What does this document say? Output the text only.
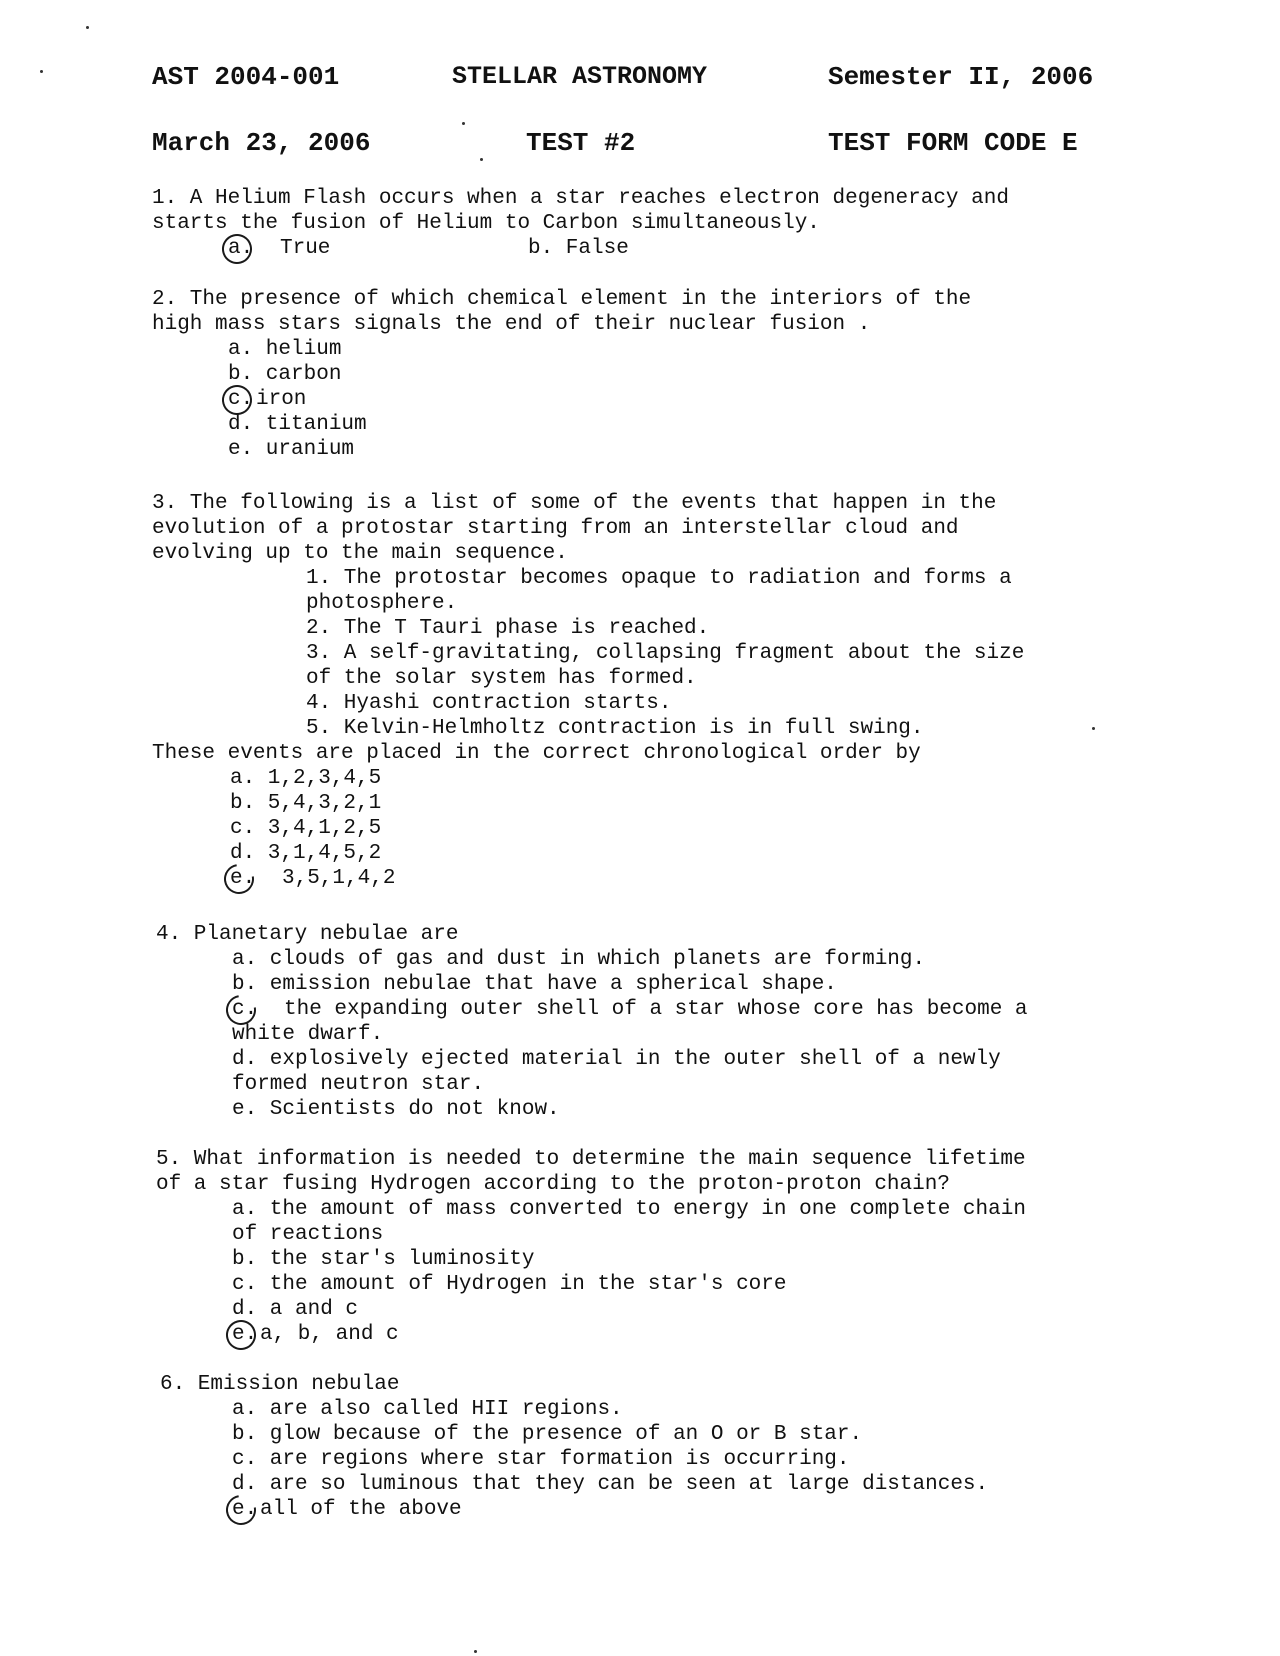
AST 2004-001	STELLAR ASTRONOMY	Semester II, 2006
March 23, 2006	TEST #2	TEST FORM CODE E
1. A Helium Flash occurs when a star reaches electron degeneracy and
starts the fusion of Helium to Carbon simultaneously.
a. True	b. False
2. The presence of which chemical element in the interiors of the
high mass stars signals the end of their nuclear fusion .
a. helium
b. carbon
c. iron
d. titanium
e. uranium
3. The following is a list of some of the events that happen in the
evolution of a protostar starting from an interstellar cloud and
evolving up to the main sequence.
1. The protostar becomes opaque to radiation and forms a
photosphere.
2. The T Tauri phase is reached.
3. A self-gravitating, collapsing fragment about the size
of the solar system has formed.
4. Hyashi contraction starts.
5. Kelvin-Helmholtz contraction is in full swing.
These events are placed in the correct chronological order by
a. 1,2,3,4,5
b. 5,4,3,2,1
c. 3,4,1,2,5
d. 3,1,4,5,2
e. 3,5,1,4,2
4. Planetary nebulae are
a. clouds of gas and dust in which planets are forming.
b. emission nebulae that have a spherical shape.
c. the expanding outer shell of a star whose core has become a
white dwarf.
d. explosively ejected material in the outer shell of a newly
formed neutron star.
e. Scientists do not know.
5. What information is needed to determine the main sequence lifetime
of a star fusing Hydrogen according to the proton-proton chain?
a. the amount of mass converted to energy in one complete chain
of reactions
b. the star's luminosity
c. the amount of Hydrogen in the star's core
d. a and c
e. a, b, and c
6. Emission nebulae
a. are also called HII regions.
b. glow because of the presence of an O or B star.
c. are regions where star formation is occurring.
d. are so luminous that they can be seen at large distances.
e. all of the above
